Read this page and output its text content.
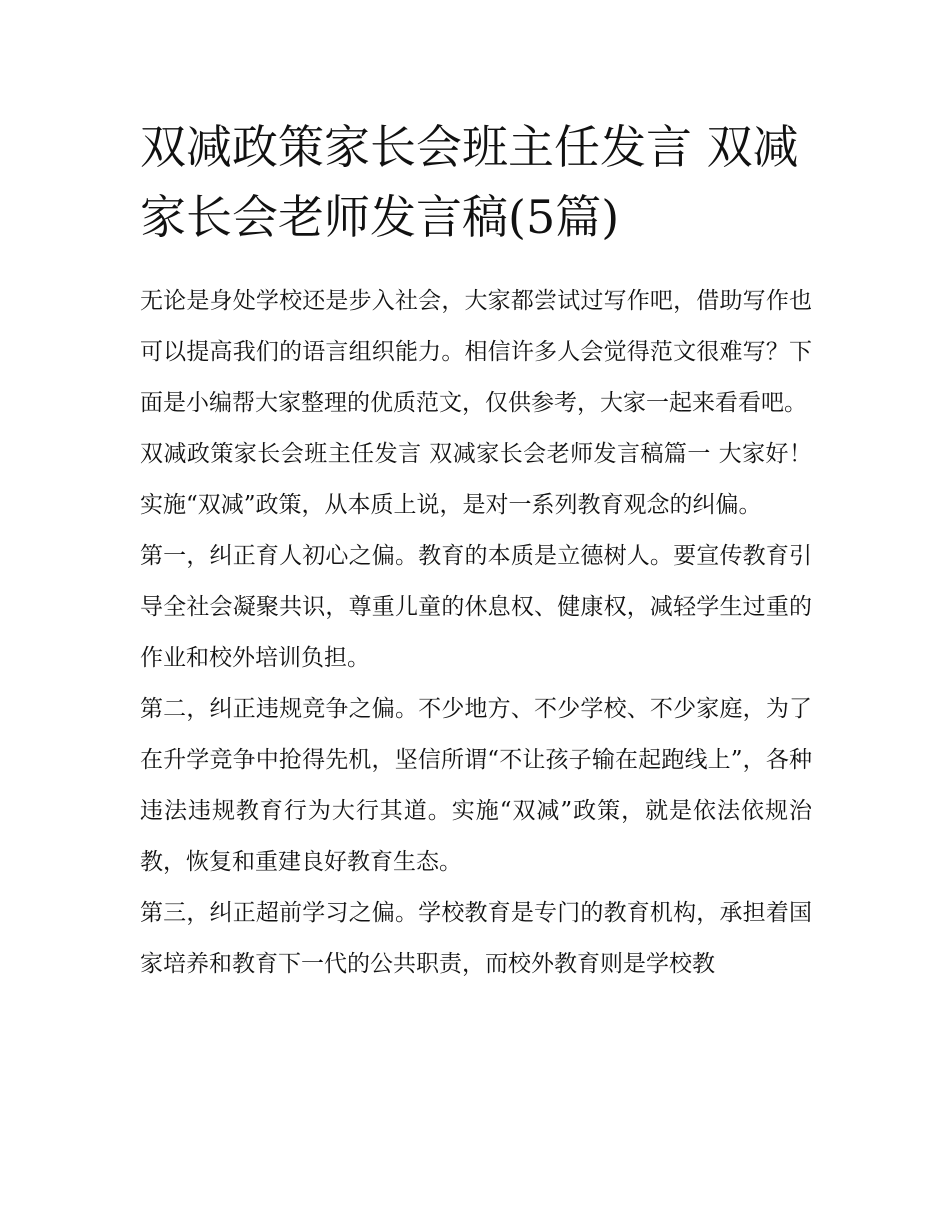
双减政策家长会班主任发言 双减家长会老师发言稿(5篇)

无论是身处学校还是步入社会，大家都尝试过写作吧，借助写作也可以提高我们的语言组织能力。相信许多人会觉得范文很难写？下面是小编帮大家整理的优质范文，仅供参考，大家一起来看看吧。

双减政策家长会班主任发言 双减家长会老师发言稿篇一 大家好！ 实施“双减”政策，从本质上说，是对一系列教育观念的纠偏。

第一，纠正育人初心之偏。教育的本质是立德树人。要宣传教育引导全社会凝聚共识，尊重儿童的休息权、健康权，减轻学生过重的作业和校外培训负担。

第二，纠正违规竞争之偏。不少地方、不少学校、不少家庭，为了在升学竞争中抢得先机，坚信所谓“不让孩子输在起跑线上”，各种违法违规教育行为大行其道。实施“双减”政策，就是依法依规治教，恢复和重建良好教育生态。

第三，纠正超前学习之偏。学校教育是专门的教育机构，承担着国家培养和教育下一代的公共职责，而校外教育则是学校教
